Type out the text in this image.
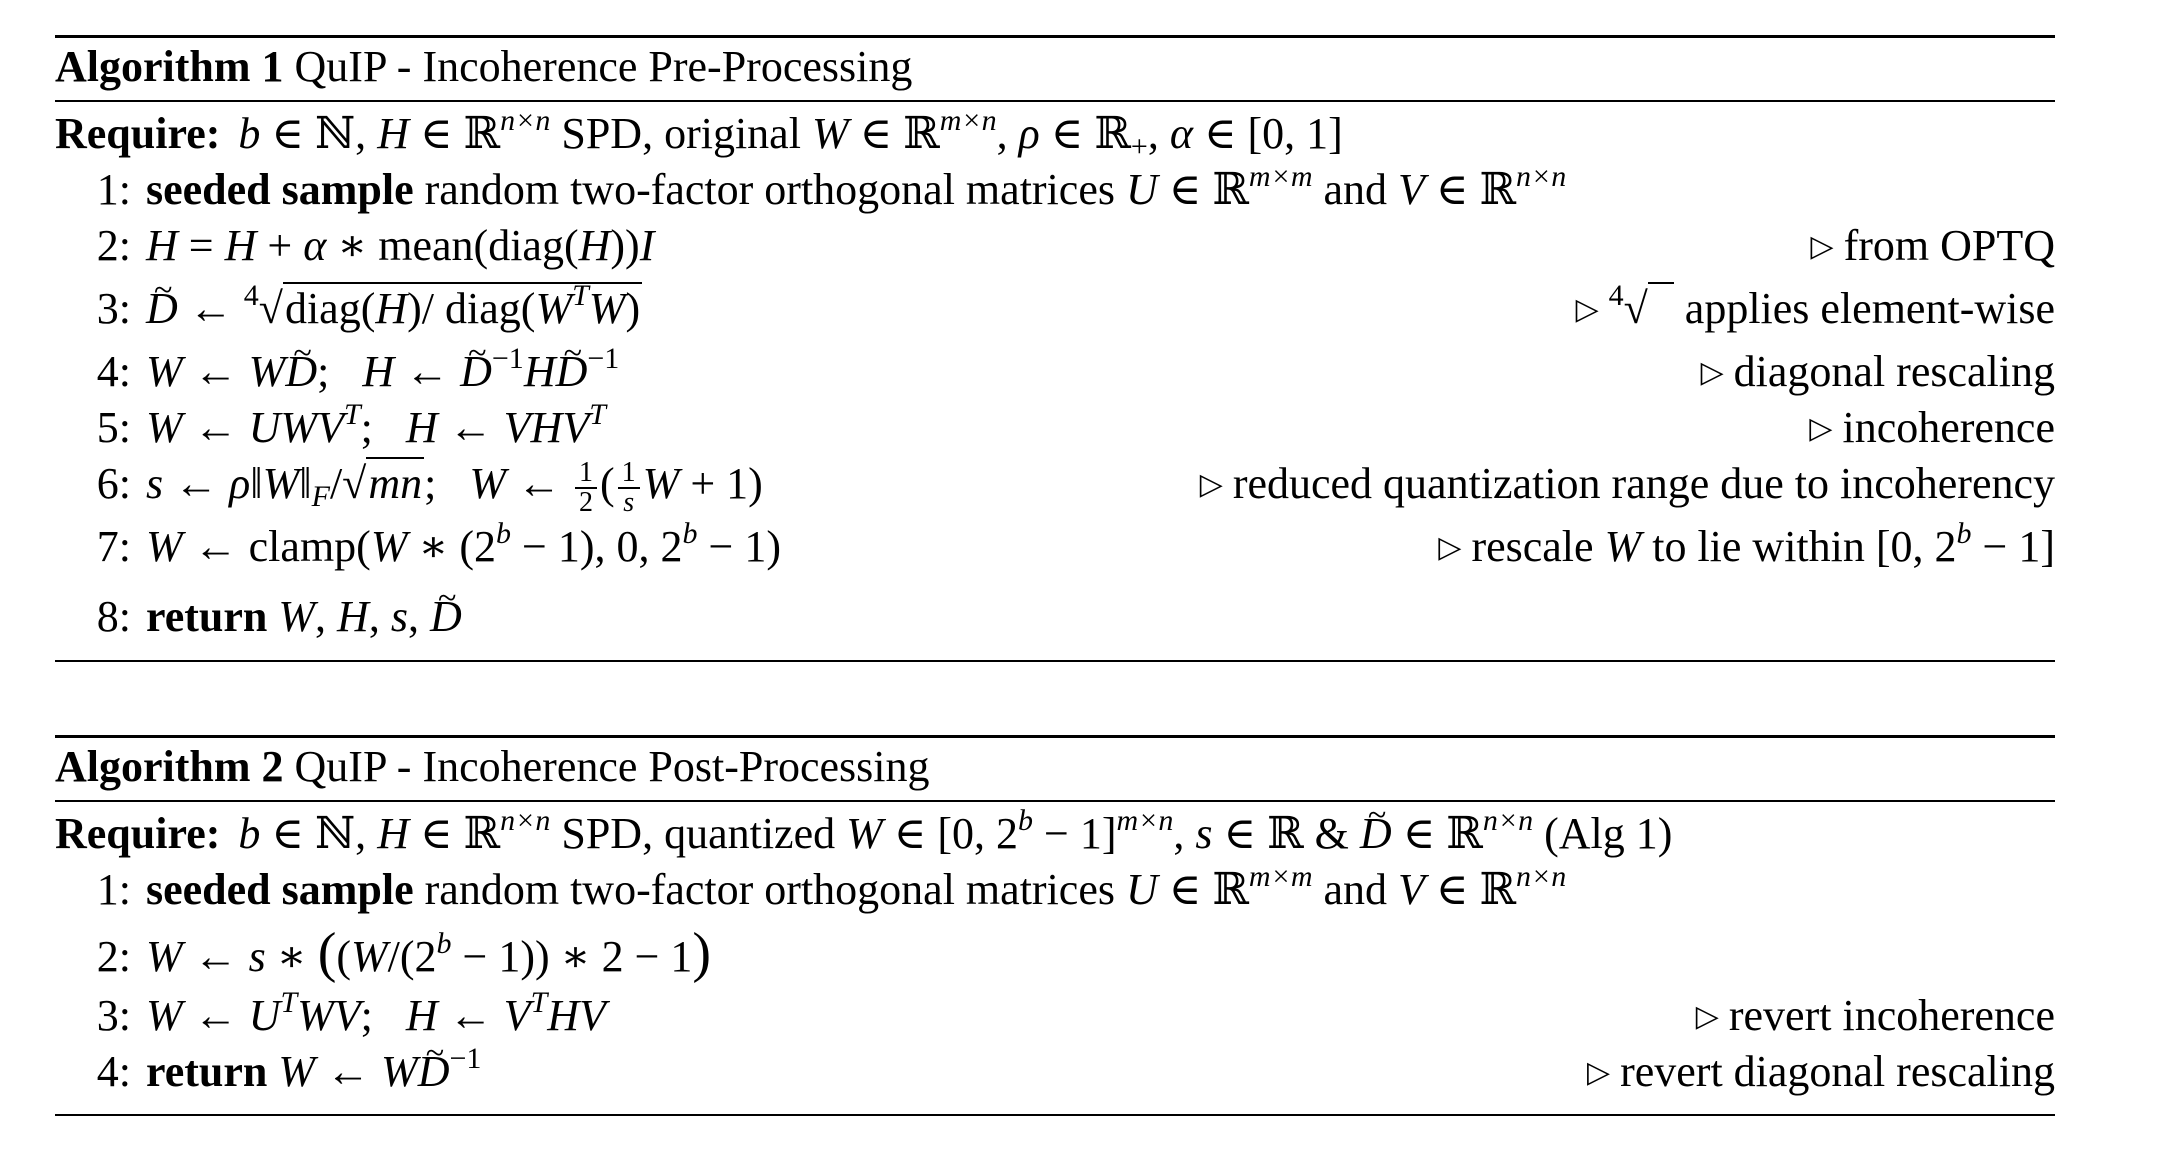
Algorithm 1 QuIP - Incoherence Pre-Processing
Require: b ∈ ℕ, H ∈ ℝ$^{n\times n}$ SPD, original W ∈ ℝ$^{m\times n}$, ρ ∈ ℝ$_+$, α ∈ [0, 1]
1: seeded sample random two-factor orthogonal matrices U ∈ ℝ$^{m\times m}$ and V ∈ ℝ$^{n\times n}$
2: H = H + α ∗ mean(diag(H))I	▷ from OPTQ
3: ~ D ← $^4$√diag(H)/ $diag(W^TW)$	▷ $^4$√ applies element-wise
4: W ← W~ D;   H ← ~ $D^{-1}H\sim$ $D^{-1}$	▷ diagonal rescaling
5: W ← $UWV^T$;   H ← $VHV^T$	▷ incoherence
6: s ← $\rho‖W‖_F/√mn$;   W ← $\frac{1}{2}$ ( $\frac{1}{s}$ W + 1)	▷ reduced quantization range due to incoherency
7: W ← clamp(W ∗ $(2^b - 1)$, 0, $2^b - 1$)	▷ rescale W to lie within [0, $2^b - 1$]
8: return W, H, s, ~ D
Algorithm 2 QuIP - Incoherence Post-Processing
Require: b ∈ ℕ, H ∈ ℝ$^{n\times n}$ SPD, quantized W ∈ [0, $2^b - 1]^{m\times n}$, s ∈ ℝ & ~ D ∈ ℝ$^{n\times n}$ (Alg 1)
1: seeded sample random two-factor orthogonal matrices U ∈ ℝ$^{m\times m}$ and V ∈ ℝ$^{n\times n}$
2: W ← s ∗ ($(W/(2^b - 1))$ ∗ 2 − 1)
3: W ← $U^TWV$;   H ← $V^THV$	▷ revert incoherence
4: return W ← W~ $D^{-1}$	▷ revert diagonal rescaling
